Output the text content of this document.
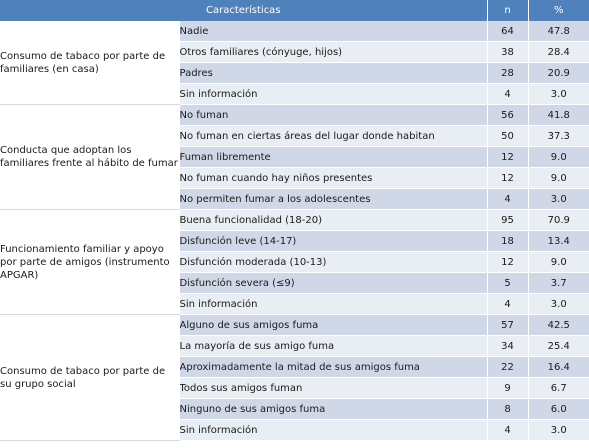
Características		n	%
Consumo de tabaco por parte de familiares (en casa)	Nadie	64	47.8
	Otros familiares (cónyuge, hijos)	38	28.4
	Padres	28	20.9
	Sin información	4	3.0
Conducta que adoptan los familiares frente al hábito de fumar	No fuman	56	41.8
	No fuman en ciertas áreas del lugar donde habitan	50	37.3
	Fuman libremente	12	9.0
	No fuman cuando hay niños presentes	12	9.0
	No permiten fumar a los adolescentes	4	3.0
Funcionamiento familiar y apoyo por parte de amigos (instrumento APGAR)	Buena funcionalidad (18-20)	95	70.9
	Disfunción leve (14-17)	18	13.4
	Disfunción moderada (10-13)	12	9.0
	Disfunción severa (≤9)	5	3.7
	Sin información	4	3.0
Consumo de tabaco por parte de su grupo social	Alguno de sus amigos fuma	57	42.5
	La mayoría de sus amigo fuma	34	25.4
	Aproximadamente la mitad de sus amigos fuma	22	16.4
	Todos sus amigos fuman	9	6.7
	Ninguno de sus amigos fuma	8	6.0
	Sin información	4	3.0
